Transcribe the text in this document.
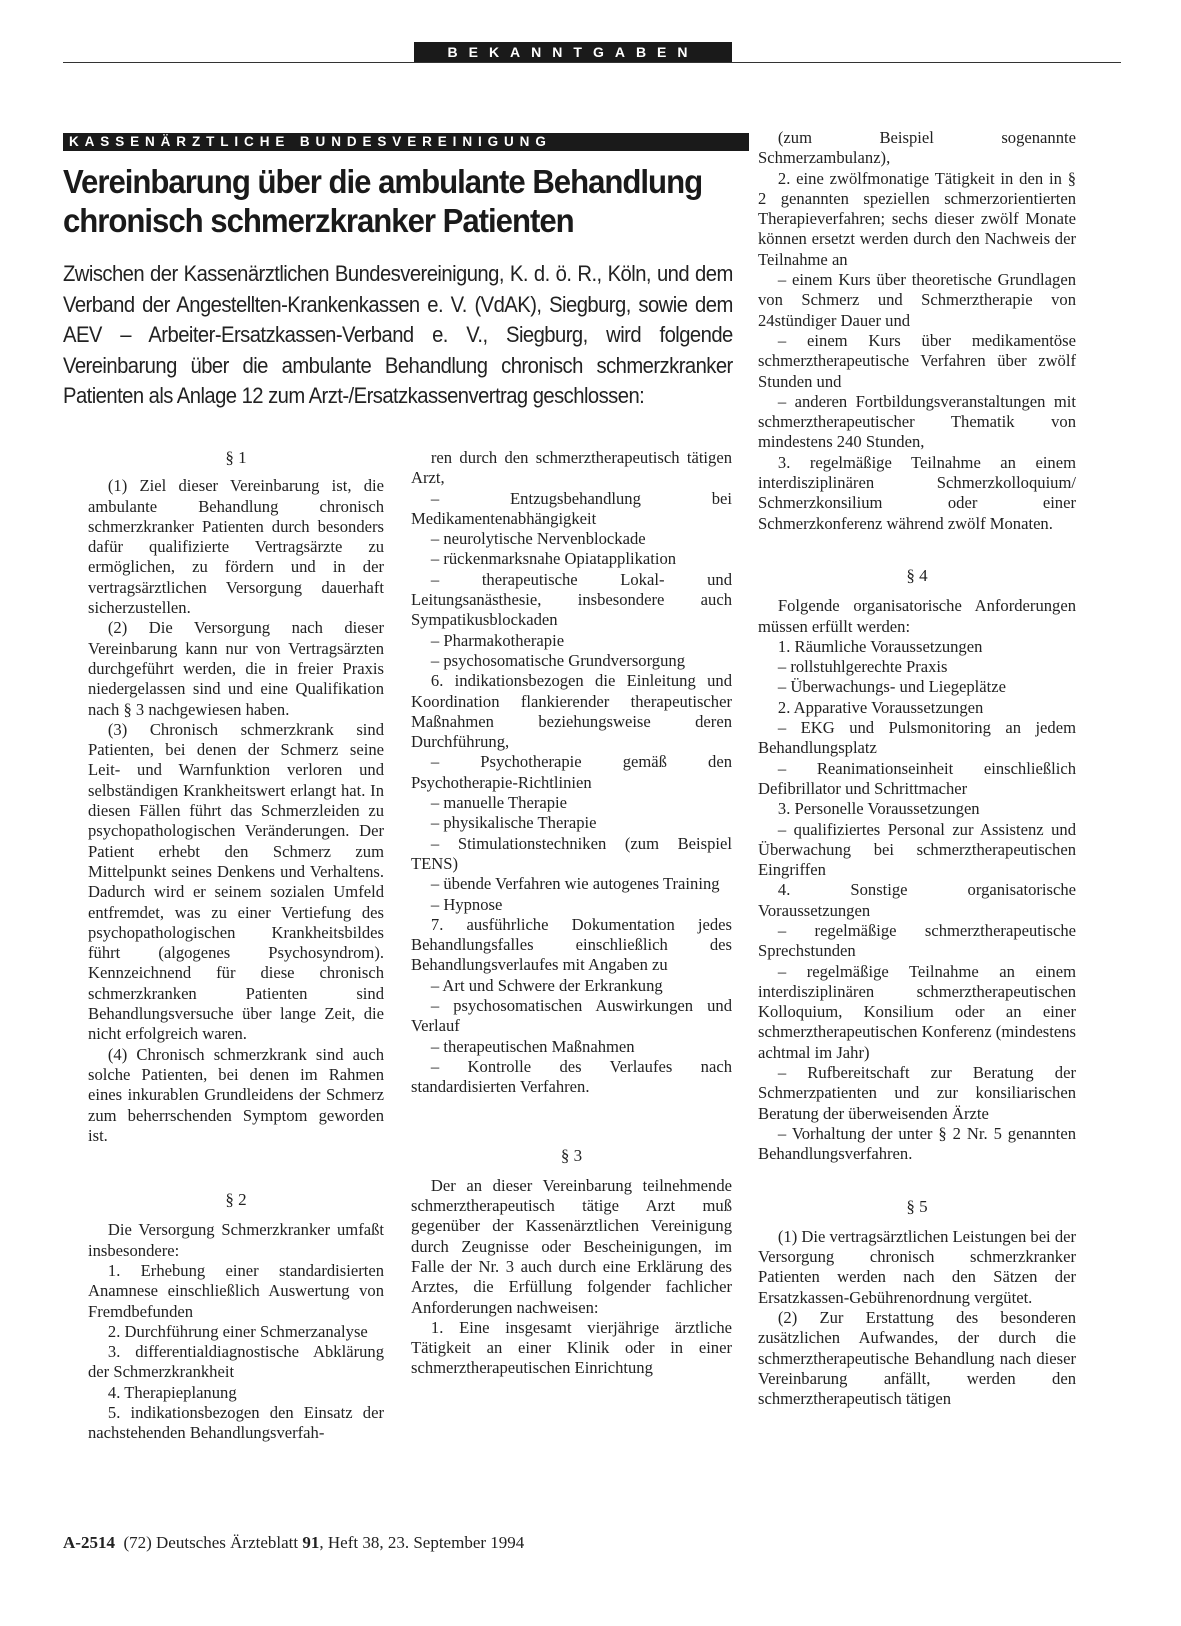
BEKANNTGABEN
KASSENÄRZTLICHE BUNDESVEREINIGUNG
Vereinbarung über die ambulante Behandlung
chronisch schmerzkranker Patienten
Zwischen der Kassenärztlichen Bundesvereinigung, K. d. ö. R., Köln, und dem Verband der Angestellten-Krankenkassen e. V. (VdAK), Siegburg, sowie dem AEV – Arbeiter-Ersatzkassen-Verband e. V., Siegburg, wird folgende Vereinbarung über die ambulante Behandlung chronisch schmerzkranker Patienten als Anlage 12 zum Arzt-/Ersatzkassenvertrag geschlossen:
§ 1
(1) Ziel dieser Vereinbarung ist, die ambulante Behandlung chronisch schmerzkranker Patienten durch besonders dafür qualifizierte Vertragsärzte zu ermöglichen, zu fördern und in der vertragsärztlichen Versorgung dauerhaft sicherzustellen.
(2) Die Versorgung nach dieser Vereinbarung kann nur von Vertragsärzten durchgeführt werden, die in freier Praxis niedergelassen sind und eine Qualifikation nach § 3 nachgewiesen haben.
(3) Chronisch schmerzkrank sind Patienten, bei denen der Schmerz seine Leit- und Warnfunktion verloren und selbständigen Krankheitswert erlangt hat. In diesen Fällen führt das Schmerzleiden zu psychopathologischen Veränderungen. Der Patient erhebt den Schmerz zum Mittelpunkt seines Denkens und Verhaltens. Dadurch wird er seinem sozialen Umfeld entfremdet, was zu einer Vertiefung des psychopathologischen Krankheitsbildes führt (algogenes Psychosyndrom). Kennzeichnend für diese chronisch schmerzkranken Patienten sind Behandlungsversuche über lange Zeit, die nicht erfolgreich waren.
(4) Chronisch schmerzkrank sind auch solche Patienten, bei denen im Rahmen eines inkurablen Grundleidens der Schmerz zum beherrschenden Symptom geworden ist.
§ 2
Die Versorgung Schmerzkranker umfaßt insbesondere:
1. Erhebung einer standardisierten Anamnese einschließlich Auswertung von Fremdbefunden
2. Durchführung einer Schmerzanalyse
3. differentialdiagnostische Abklärung der Schmerzkrankheit
4. Therapieplanung
5. indikationsbezogen den Einsatz der nachstehenden Behandlungsverfah-
ren durch den schmerztherapeutisch tätigen Arzt,
– Entzugsbehandlung bei Medikamentenabhängigkeit
– neurolytische Nervenblockade
– rückenmarksnahe Opiatapplikation
– therapeutische Lokal- und Leitungsanästhesie, insbesondere auch Sympatikusblockaden
– Pharmakotherapie
– psychosomatische Grundversorgung
6. indikationsbezogen die Einleitung und Koordination flankierender therapeutischer Maßnahmen beziehungsweise deren Durchführung,
– Psychotherapie gemäß den Psychotherapie-Richtlinien
– manuelle Therapie
– physikalische Therapie
– Stimulationstechniken (zum Beispiel TENS)
– übende Verfahren wie autogenes Training
– Hypnose
7. ausführliche Dokumentation jedes Behandlungsfalles einschließlich des Behandlungsverlaufes mit Angaben zu
– Art und Schwere der Erkrankung
– psychosomatischen Auswirkungen und Verlauf
– therapeutischen Maßnahmen
– Kontrolle des Verlaufes nach standardisierten Verfahren.
§ 3
Der an dieser Vereinbarung teilnehmende schmerztherapeutisch tätige Arzt muß gegenüber der Kassenärztlichen Vereinigung durch Zeugnisse oder Bescheinigungen, im Falle der Nr. 3 auch durch eine Erklärung des Arztes, die Erfüllung folgender fachlicher Anforderungen nachweisen:
1. Eine insgesamt vierjährige ärztliche Tätigkeit an einer Klinik oder in einer schmerztherapeutischen Einrichtung
(zum Beispiel sogenannte Schmerzambulanz),
2. eine zwölfmonatige Tätigkeit in den in § 2 genannten speziellen schmerzorientierten Therapieverfahren; sechs dieser zwölf Monate können ersetzt werden durch den Nachweis der Teilnahme an
– einem Kurs über theoretische Grundlagen von Schmerz und Schmerztherapie von 24stündiger Dauer und
– einem Kurs über medikamentöse schmerztherapeutische Verfahren über zwölf Stunden und
– anderen Fortbildungsveranstaltungen mit schmerztherapeutischer Thematik von mindestens 240 Stunden,
3. regelmäßige Teilnahme an einem interdisziplinären Schmerzkolloquium/ Schmerzkonsilium oder einer Schmerzkonferenz während zwölf Monaten.
§ 4
Folgende organisatorische Anforderungen müssen erfüllt werden:
1. Räumliche Voraussetzungen
– rollstuhlgerechte Praxis
– Überwachungs- und Liegeplätze
2. Apparative Voraussetzungen
– EKG und Pulsmonitoring an jedem Behandlungsplatz
– Reanimationseinheit einschließlich Defibrillator und Schrittmacher
3. Personelle Voraussetzungen
– qualifiziertes Personal zur Assistenz und Überwachung bei schmerztherapeutischen Eingriffen
4. Sonstige organisatorische Voraussetzungen
– regelmäßige schmerztherapeutische Sprechstunden
– regelmäßige Teilnahme an einem interdisziplinären schmerztherapeutischen Kolloquium, Konsilium oder an einer schmerztherapeutischen Konferenz (mindestens achtmal im Jahr)
– Rufbereitschaft zur Beratung der Schmerzpatienten und zur konsiliarischen Beratung der überweisenden Ärzte
– Vorhaltung der unter § 2 Nr. 5 genannten Behandlungsverfahren.
§ 5
(1) Die vertragsärztlichen Leistungen bei der Versorgung chronisch schmerzkranker Patienten werden nach den Sätzen der Ersatzkassen-Gebührenordnung vergütet.
(2) Zur Erstattung des besonderen zusätzlichen Aufwandes, der durch die schmerztherapeutische Behandlung nach dieser Vereinbarung anfällt, werden den schmerztherapeutisch tätigen
A-2514 (72) Deutsches Ärzteblatt 91, Heft 38, 23. September 1994
